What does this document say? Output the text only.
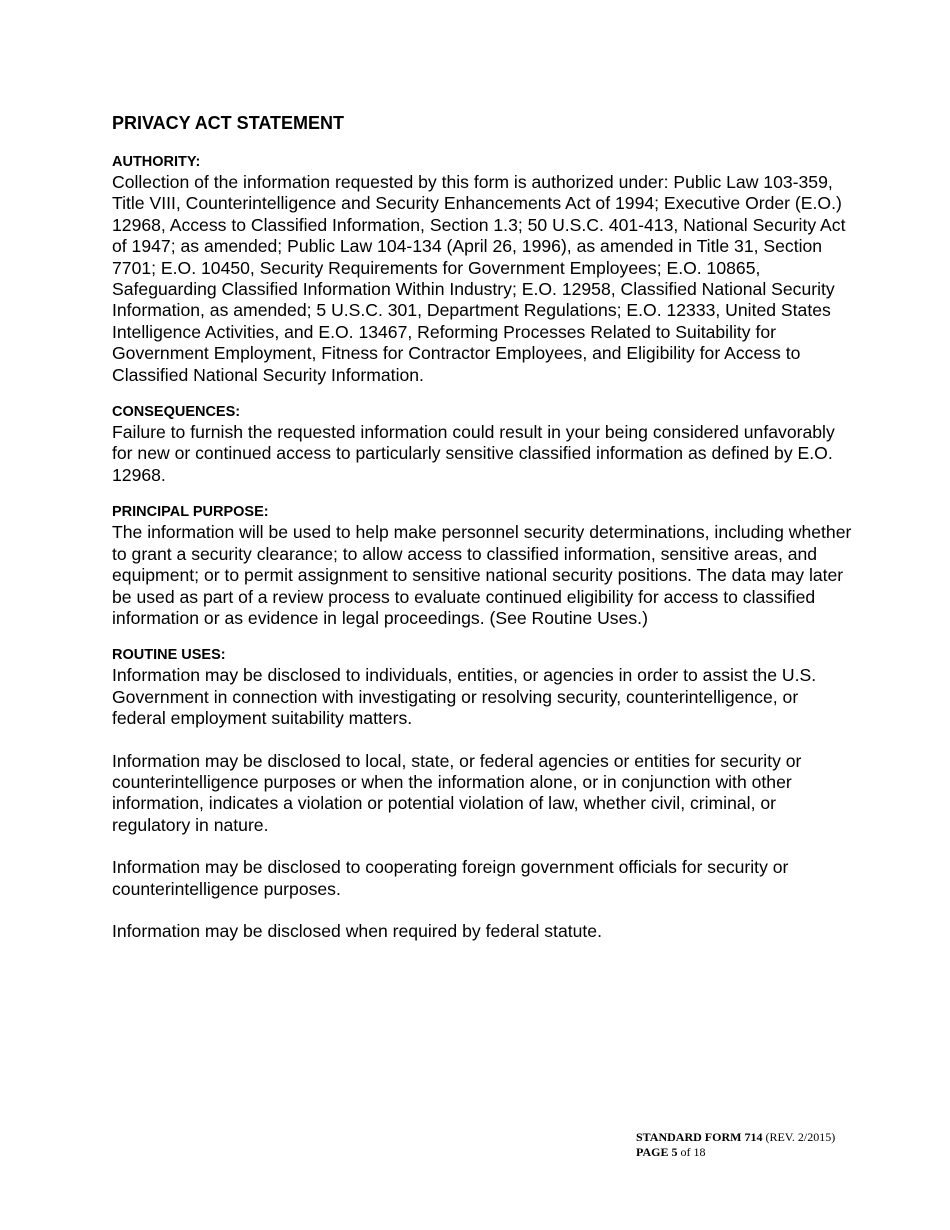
PRIVACY ACT STATEMENT
AUTHORITY:

Collection of the information requested by this form is authorized under: Public Law 103-359, Title VIII, Counterintelligence and Security Enhancements Act of 1994; Executive Order (E.O.) 12968, Access to Classified Information, Section 1.3; 50 U.S.C. 401-413, National Security Act of 1947; as amended; Public Law 104-134 (April 26, 1996), as amended in Title 31, Section 7701; E.O. 10450, Security Requirements for Government Employees; E.O. 10865, Safeguarding Classified Information Within Industry; E.O. 12958, Classified National Security Information, as amended; 5 U.S.C. 301, Department Regulations; E.O. 12333, United States Intelligence Activities, and E.O. 13467, Reforming Processes Related to Suitability for Government Employment, Fitness for Contractor Employees, and Eligibility for Access to Classified National Security Information.

CONSEQUENCES:

Failure to furnish the requested information could result in your being considered unfavorably for new or continued access to particularly sensitive classified information as defined by E.O. 12968.

PRINCIPAL PURPOSE:

The information will be used to help make personnel security determinations, including whether to grant a security clearance; to allow access to classified information, sensitive areas, and equipment; or to permit assignment to sensitive national security positions. The data may later be used as part of a review process to evaluate continued eligibility for access to classified information or as evidence in legal proceedings. (See Routine Uses.)

ROUTINE USES:

Information may be disclosed to individuals, entities, or agencies in order to assist the U.S. Government in connection with investigating or resolving security, counterintelligence, or federal employment suitability matters.

Information may be disclosed to local, state, or federal agencies or entities for security or counterintelligence purposes or when the information alone, or in conjunction with other information, indicates a violation or potential violation of law, whether civil, criminal, or regulatory in nature.

Information may be disclosed to cooperating foreign government officials for security or counterintelligence purposes.

Information may be disclosed when required by federal statute.

STANDARD FORM 714 (REV. 2/2015)
PAGE 5 of 18
